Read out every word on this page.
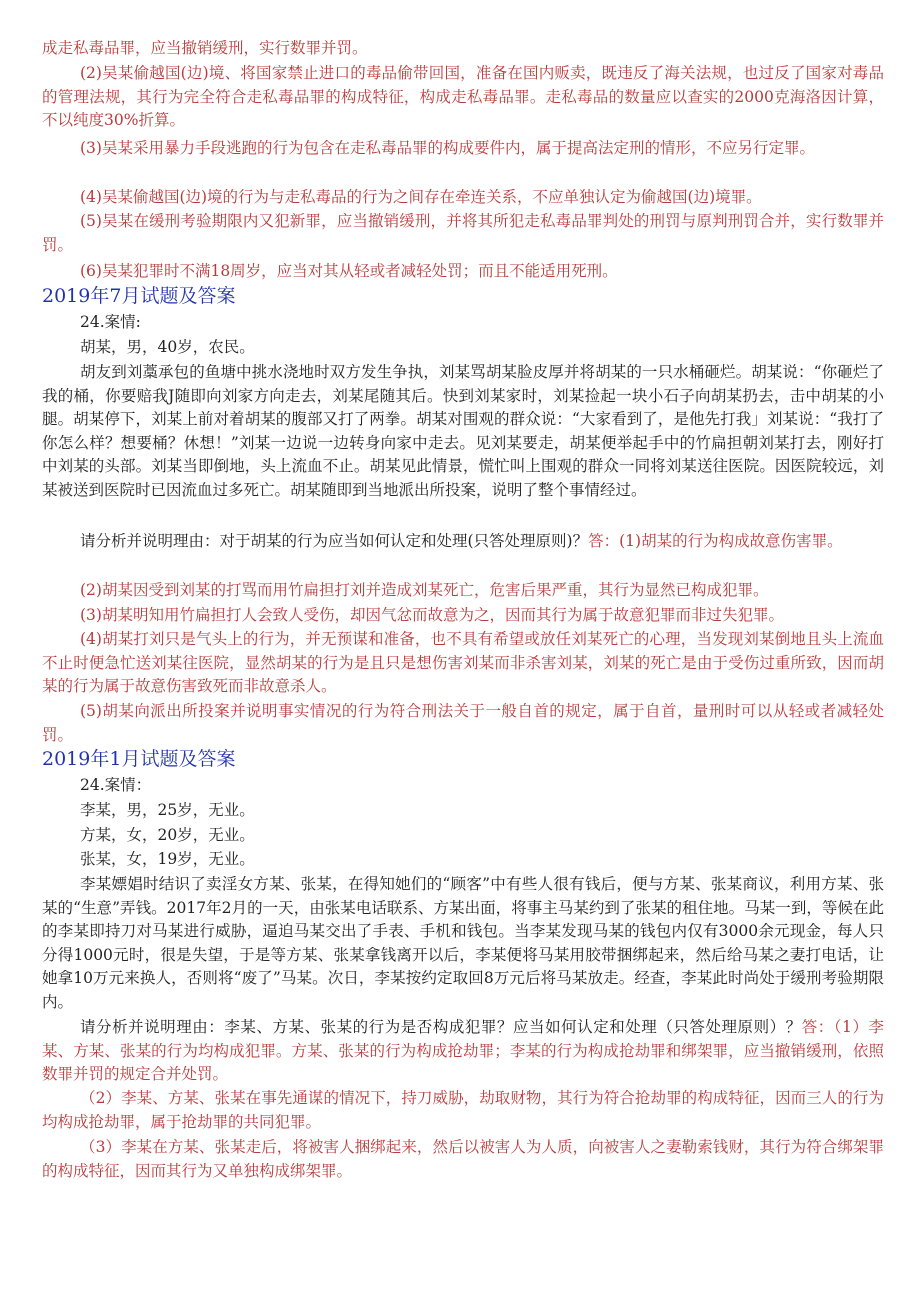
成走私毒品罪，应当撤销缓刑，实行数罪并罚。

(2)吴某偷越国(边)境、将国家禁止进口的毒品偷带回国，准备在国内贩卖，既违反了海关法规，也过反了国家对毒品的管理法规，其行为完全符合走私毒品罪的构成特征，构成走私毒品罪。走私毒品的数量应以查实的2000克海洛因计算，不以纯度30%折算。

(3)吴某采用暴力手段逃跑的行为包含在走私毒品罪的构成要件内，属于提高法定刑的情形，不应另行定罪。

(4)吴某偷越国(边)境的行为与走私毒品的行为之间存在牵连关系，不应单独认定为偷越国(边)境罪。

(5)吴某在缓刑考验期限内又犯新罪，应当撤销缓刑，并将其所犯走私毒品罪判处的刑罚与原判刑罚合并，实行数罪并罚。

(6)吴某犯罪时不满18周岁，应当对其从轻或者减轻处罚；而且不能适用死刑。

2019年7月试题及答案

24.案情:

胡某，男，40岁，农民。

胡友到刘藁承包的鱼塘中挑水浇地时双方发生争执，刘某骂胡某脸皮厚并将胡某的一只水桶砸烂。胡某说：“你砸烂了我的桶，你要赔我J随即向刘家方向走去，刘某尾随其后。快到刘某家时，刘某捡起一块小石子向胡某扔去，击中胡某的小腿。胡某停下，刘某上前对着胡某的腹部又打了两拳。胡某对围观的群众说：“大家看到了，是他先打我」刘某说：“我打了你怎么样？想要桶？休想！”刘某一边说一边转身向家中走去。见刘某要走，胡某便举起手中的竹扁担朝刘某打去，刚好打中刘某的头部。刘某当即倒地，头上流血不止。胡某见此情景，慌忙叫上围观的群众一同将刘某送往医院。因医院较远，刘某被送到医院时已因流血过多死亡。胡某随即到当地派出所投案，说明了整个事情经过。

请分析并说明理由：对于胡某的行为应当如何认定和处理(只答处理原则)？答：(1)胡某的行为构成故意伤害罪。

(2)胡某因受到刘某的打骂而用竹扁担打刘并造成刘某死亡，危害后果严重，其行为显然已构成犯罪。

(3)胡某明知用竹扁担打人会致人受伤，却因气忿而故意为之，因而其行为属于故意犯罪而非过失犯罪。

(4)胡某打刘只是气头上的行为，并无预谋和准备，也不具有希望或放任刘某死亡的心理，当发现刘某倒地且头上流血不止时便急忙送刘某往医院，显然胡某的行为是且只是想伤害刘某而非杀害刘某，刘某的死亡是由于受伤过重所致，因而胡某的行为属于故意伤害致死而非故意杀人。

(5)胡某向派出所投案并说明事实情况的行为符合刑法关于一般自首的规定，属于自首，量刑时可以从轻或者减轻处罚。

2019年1月试题及答案

24.案情：

李某，男，25岁，无业。

方某，女，20岁，无业。

张某，女，19岁，无业。

李某嫖娼时结识了卖淫女方某、张某，在得知她们的“顾客”中有些人很有钱后，便与方某、张某商议，利用方某、张某的“生意”弄钱。2017年2月的一天，由张某电话联系、方某出面，将事主马某约到了张某的租住地。马某一到，等候在此的李某即持刀对马某进行威胁，逼迫马某交出了手表、手机和钱包。当李某发现马某的钱包内仅有3000余元现金，每人只分得1000元时，很是失望，于是等方某、张某拿钱离开以后，李某便将马某用胶带捆绑起来，然后给马某之妻打电话，让她拿10万元来换人，否则将“废了”马某。次日，李某按约定取回8万元后将马某放走。经查，李某此时尚处于缓刑考验期限内。

请分析并说明理由：李某、方某、张某的行为是否构成犯罪？应当如何认定和处理（只答处理原则）？答：（1）李某、方某、张某的行为均构成犯罪。方某、张某的行为构成抢劫罪；李某的行为构成抢劫罪和绑架罪，应当撤销缓刑，依照数罪并罚的规定合并处罚。

（2）李某、方某、张某在事先通谋的情况下，持刀威胁，劫取财物，其行为符合抢劫罪的构成特征，因而三人的行为均构成抢劫罪，属于抢劫罪的共同犯罪。

（3）李某在方某、张某走后，将被害人捆绑起来，然后以被害人为人质，向被害人之妻勒索钱财，其行为符合绑架罪的构成特征，因而其行为又单独构成绑架罪。
